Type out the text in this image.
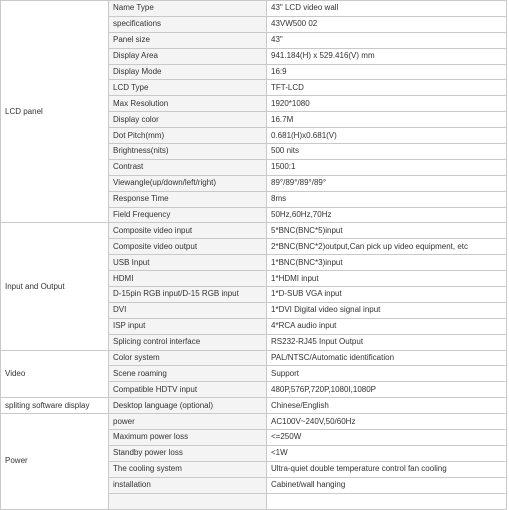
LCD panel	Name Type	43" LCD video wall
	specifications	43VW500 02
	Panel size	43"
	Display Area	941.184(H) x 529.416(V) mm
	Display Mode	16:9
	LCD Type	TFT-LCD
	Max Resolution	1920*1080
	Display color	16.7M
	Dot Pitch(mm)	0.681(H)x0.681(V)
	Brightness(nits)	500 nits
	Contrast	1500:1
	Viewangle(up/down/left/right)	89°/89°/89°/89°
	Response Time	8ms
	Field Frequency	50Hz,60Hz,70Hz
Input and Output	Composite video input	5*BNC(BNC*5)input
	Composite video output	2*BNC(BNC*2)output,Can pick up video equipment, etc
	USB Input	1*BNC(BNC*3)input
	HDMI	1*HDMI input
	D-15pin RGB input/D-15 RGB input	1*D-SUB VGA input
	DVI	1*DVI Digital video signal input
	ISP input	4*RCA audio input
	Splicing control interface	RS232-RJ45 Input Output
Video	Color system	PAL/NTSC/Automatic identification
	Scene roaming	Support
	Compatible HDTV input	480P,576P,720P,1080I,1080P
spliting software display	Desktop language (optional)	Chinese/English
Power	power	AC100V~240V,50/60Hz
	Maximum power loss	<=250W
	Standby power loss	<1W
	The cooling system	Ultra-quiet double temperature control fan cooling
	installation	Cabinet/wall hanging
